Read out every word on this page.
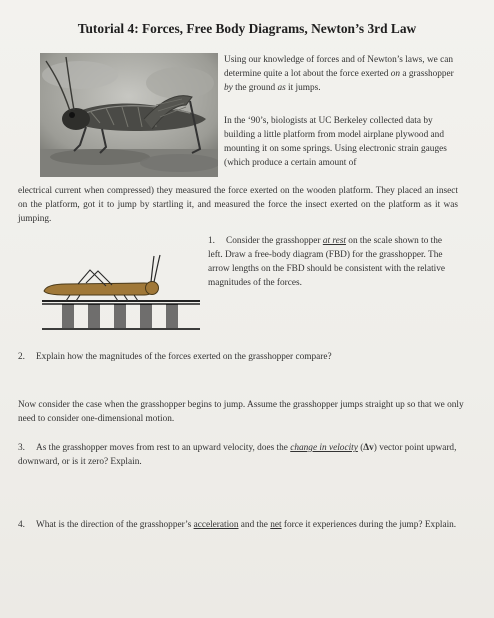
Tutorial 4: Forces, Free Body Diagrams, Newton’s 3rd Law
Using our knowledge of forces and of Newton’s laws, we can determine quite a lot about the force exerted on a grasshopper by the ground as it jumps.
In the ‘90’s, biologists at UC Berkeley collected data by building a little platform from model airplane plywood and mounting it on some springs. Using electronic strain gauges (which produce a certain amount of
electrical current when compressed) they measured the force exerted on the wooden platform. They placed an insect on the platform, got it to jump by startling it, and measured the force the insect exerted on the platform as it was jumping.
1. Consider the grasshopper at rest on the scale shown to the left. Draw a free-body diagram (FBD) for the grasshopper. The arrow lengths on the FBD should be consistent with the relative magnitudes of the forces.
2. Explain how the magnitudes of the forces exerted on the grasshopper compare?
Now consider the case when the grasshopper begins to jump. Assume the grasshopper jumps straight up so that we only need to consider one-dimensional motion.
3. As the grasshopper moves from rest to an upward velocity, does the change in velocity (Δv) vector point upward, downward, or is it zero? Explain.
4. What is the direction of the grasshopper’s acceleration and the net force it experiences during the jump? Explain.
